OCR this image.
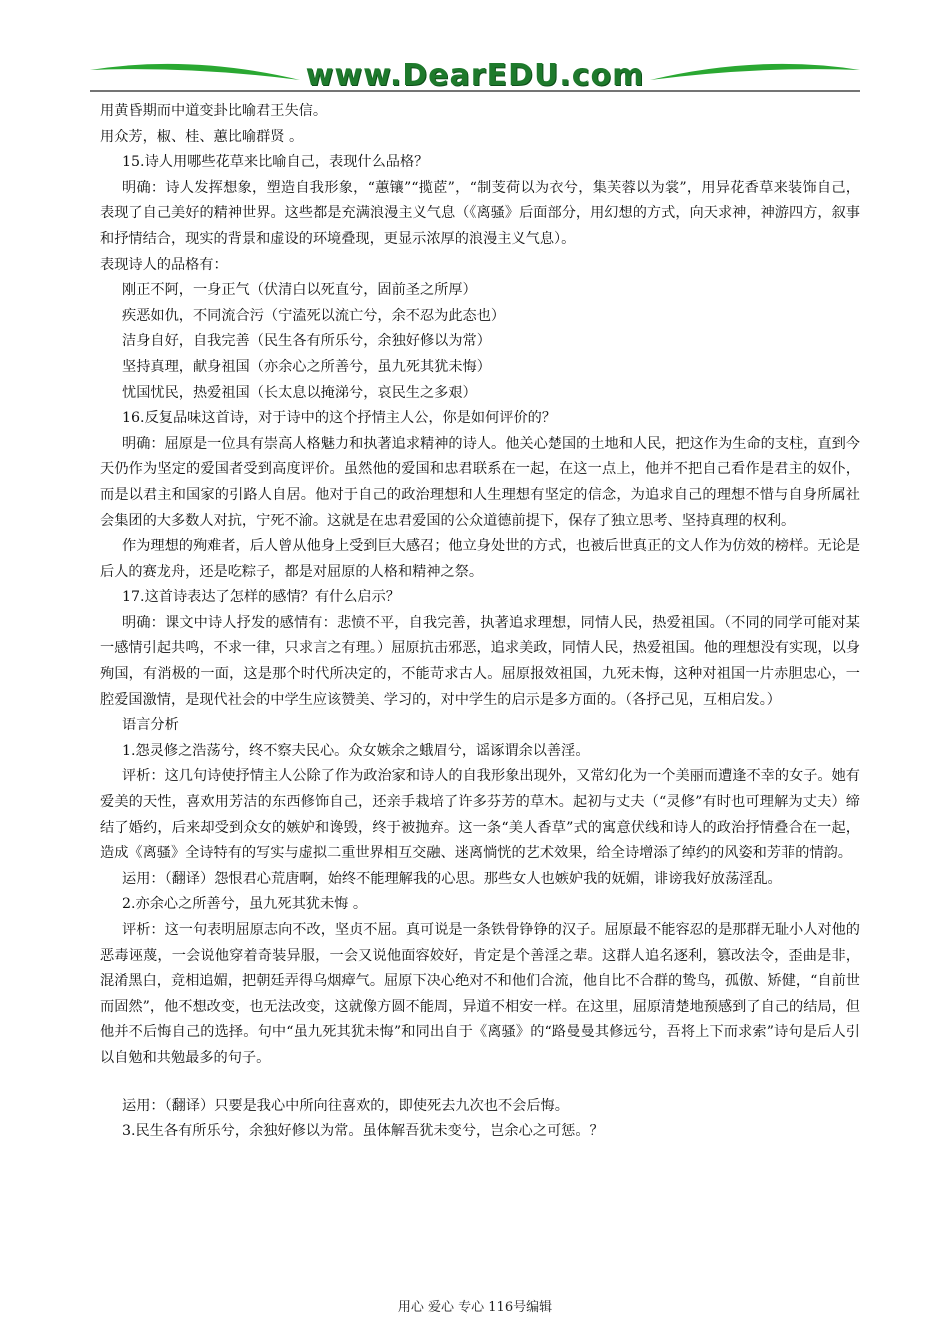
www.DearEDU.com

用黄昏期而中道变卦比喻君王失信。

用众芳，椒、桂、蕙比喻群贤 。

15.诗人用哪些花草来比喻自己，表现什么品格？

明确：诗人发挥想象，塑造自我形象，“蕙镶”“揽茝”，“制芰荷以为衣兮，集芙蓉以为裳”，用异花香草来装饰自己，表现了自己美好的精神世界。这些都是充满浪漫主义气息（《离骚》后面部分，用幻想的方式，向天求神，神游四方，叙事和抒情结合，现实的背景和虚设的环境叠现，更显示浓厚的浪漫主义气息）。

表现诗人的品格有：

刚正不阿，一身正气（伏清白以死直兮，固前圣之所厚）

疾恶如仇，不同流合污（宁溘死以流亡兮，余不忍为此态也）

洁身自好，自我完善（民生各有所乐兮，余独好修以为常）

坚持真理，献身祖国（亦余心之所善兮，虽九死其犹未悔）

忧国忧民，热爱祖国（长太息以掩涕兮，哀民生之多艰）

16.反复品味这首诗，对于诗中的这个抒情主人公，你是如何评价的？

明确：屈原是一位具有崇高人格魅力和执著追求精神的诗人。他关心楚国的土地和人民，把这作为生命的支柱，直到今天仍作为坚定的爱国者受到高度评价。虽然他的爱国和忠君联系在一起，在这一点上，他并不把自己看作是君主的奴仆，而是以君主和国家的引路人自居。他对于自己的政治理想和人生理想有坚定的信念，为追求自己的理想不惜与自身所属社会集团的大多数人对抗，宁死不渝。这就是在忠君爱国的公众道德前提下，保存了独立思考、坚持真理的权利。

作为理想的殉难者，后人曾从他身上受到巨大感召；他立身处世的方式，也被后世真正的文人作为仿效的榜样。无论是后人的赛龙舟，还是吃粽子，都是对屈原的人格和精神之祭。

17.这首诗表达了怎样的感情？有什么启示？

明确：课文中诗人抒发的感情有：悲愤不平，自我完善，执著追求理想，同情人民，热爱祖国。（不同的同学可能对某一感情引起共鸣，不求一律，只求言之有理。）屈原抗击邪恶，追求美政，同情人民，热爱祖国。他的理想没有实现，以身殉国，有消极的一面，这是那个时代所决定的，不能苛求古人。屈原报效祖国，九死未悔，这种对祖国一片赤胆忠心，一腔爱国激情，是现代社会的中学生应该赞美、学习的，对中学生的启示是多方面的。（各抒己见，互相启发。）

语言分析

1.怨灵修之浩荡兮，终不察夫民心。众女嫉余之蛾眉兮，谣诼谓余以善淫。

评析：这几句诗使抒情主人公除了作为政治家和诗人的自我形象出现外，又常幻化为一个美丽而遭逢不幸的女子。她有爱美的天性，喜欢用芳洁的东西修饰自己，还亲手栽培了许多芬芳的草木。起初与丈夫（“灵修”有时也可理解为丈夫）缔结了婚约，后来却受到众女的嫉妒和谗毁，终于被抛弃。这一条“美人香草”式的寓意伏线和诗人的政治抒情叠合在一起，造成《离骚》全诗特有的写实与虚拟二重世界相互交融、迷离惝恍的艺术效果，给全诗增添了绰约的风姿和芳菲的情韵。

运用：（翻译）怨恨君心荒唐啊，始终不能理解我的心思。那些女人也嫉妒我的妩媚，诽谤我好放荡淫乱。

2.亦余心之所善兮，虽九死其犹未悔 。

评析：这一句表明屈原志向不改，坚贞不屈。真可说是一条铁骨铮铮的汉子。屈原最不能容忍的是那群无耻小人对他的恶毒诬蔑，一会说他穿着奇装异服，一会又说他面容姣好，肯定是个善淫之辈。这群人追名逐利，篡改法令，歪曲是非，混淆黑白，竞相追媚，把朝廷弄得乌烟瘴气。屈原下决心绝对不和他们合流，他自比不合群的鸷鸟，孤傲、矫健，“自前世而固然”，他不想改变，也无法改变，这就像方圆不能周，异道不相安一样。在这里，屈原清楚地预感到了自己的结局，但他并不后悔自己的选择。句中“虽九死其犹未悔”和同出自于《离骚》的“路曼曼其修远兮，吾将上下而求索”诗句是后人引以自勉和共勉最多的句子。

运用：（翻译）只要是我心中所向往喜欢的，即使死去九次也不会后悔。

3.民生各有所乐兮，余独好修以为常。虽体解吾犹未变兮，岂余心之可惩。？

用心 爱心 专心 116号编辑
